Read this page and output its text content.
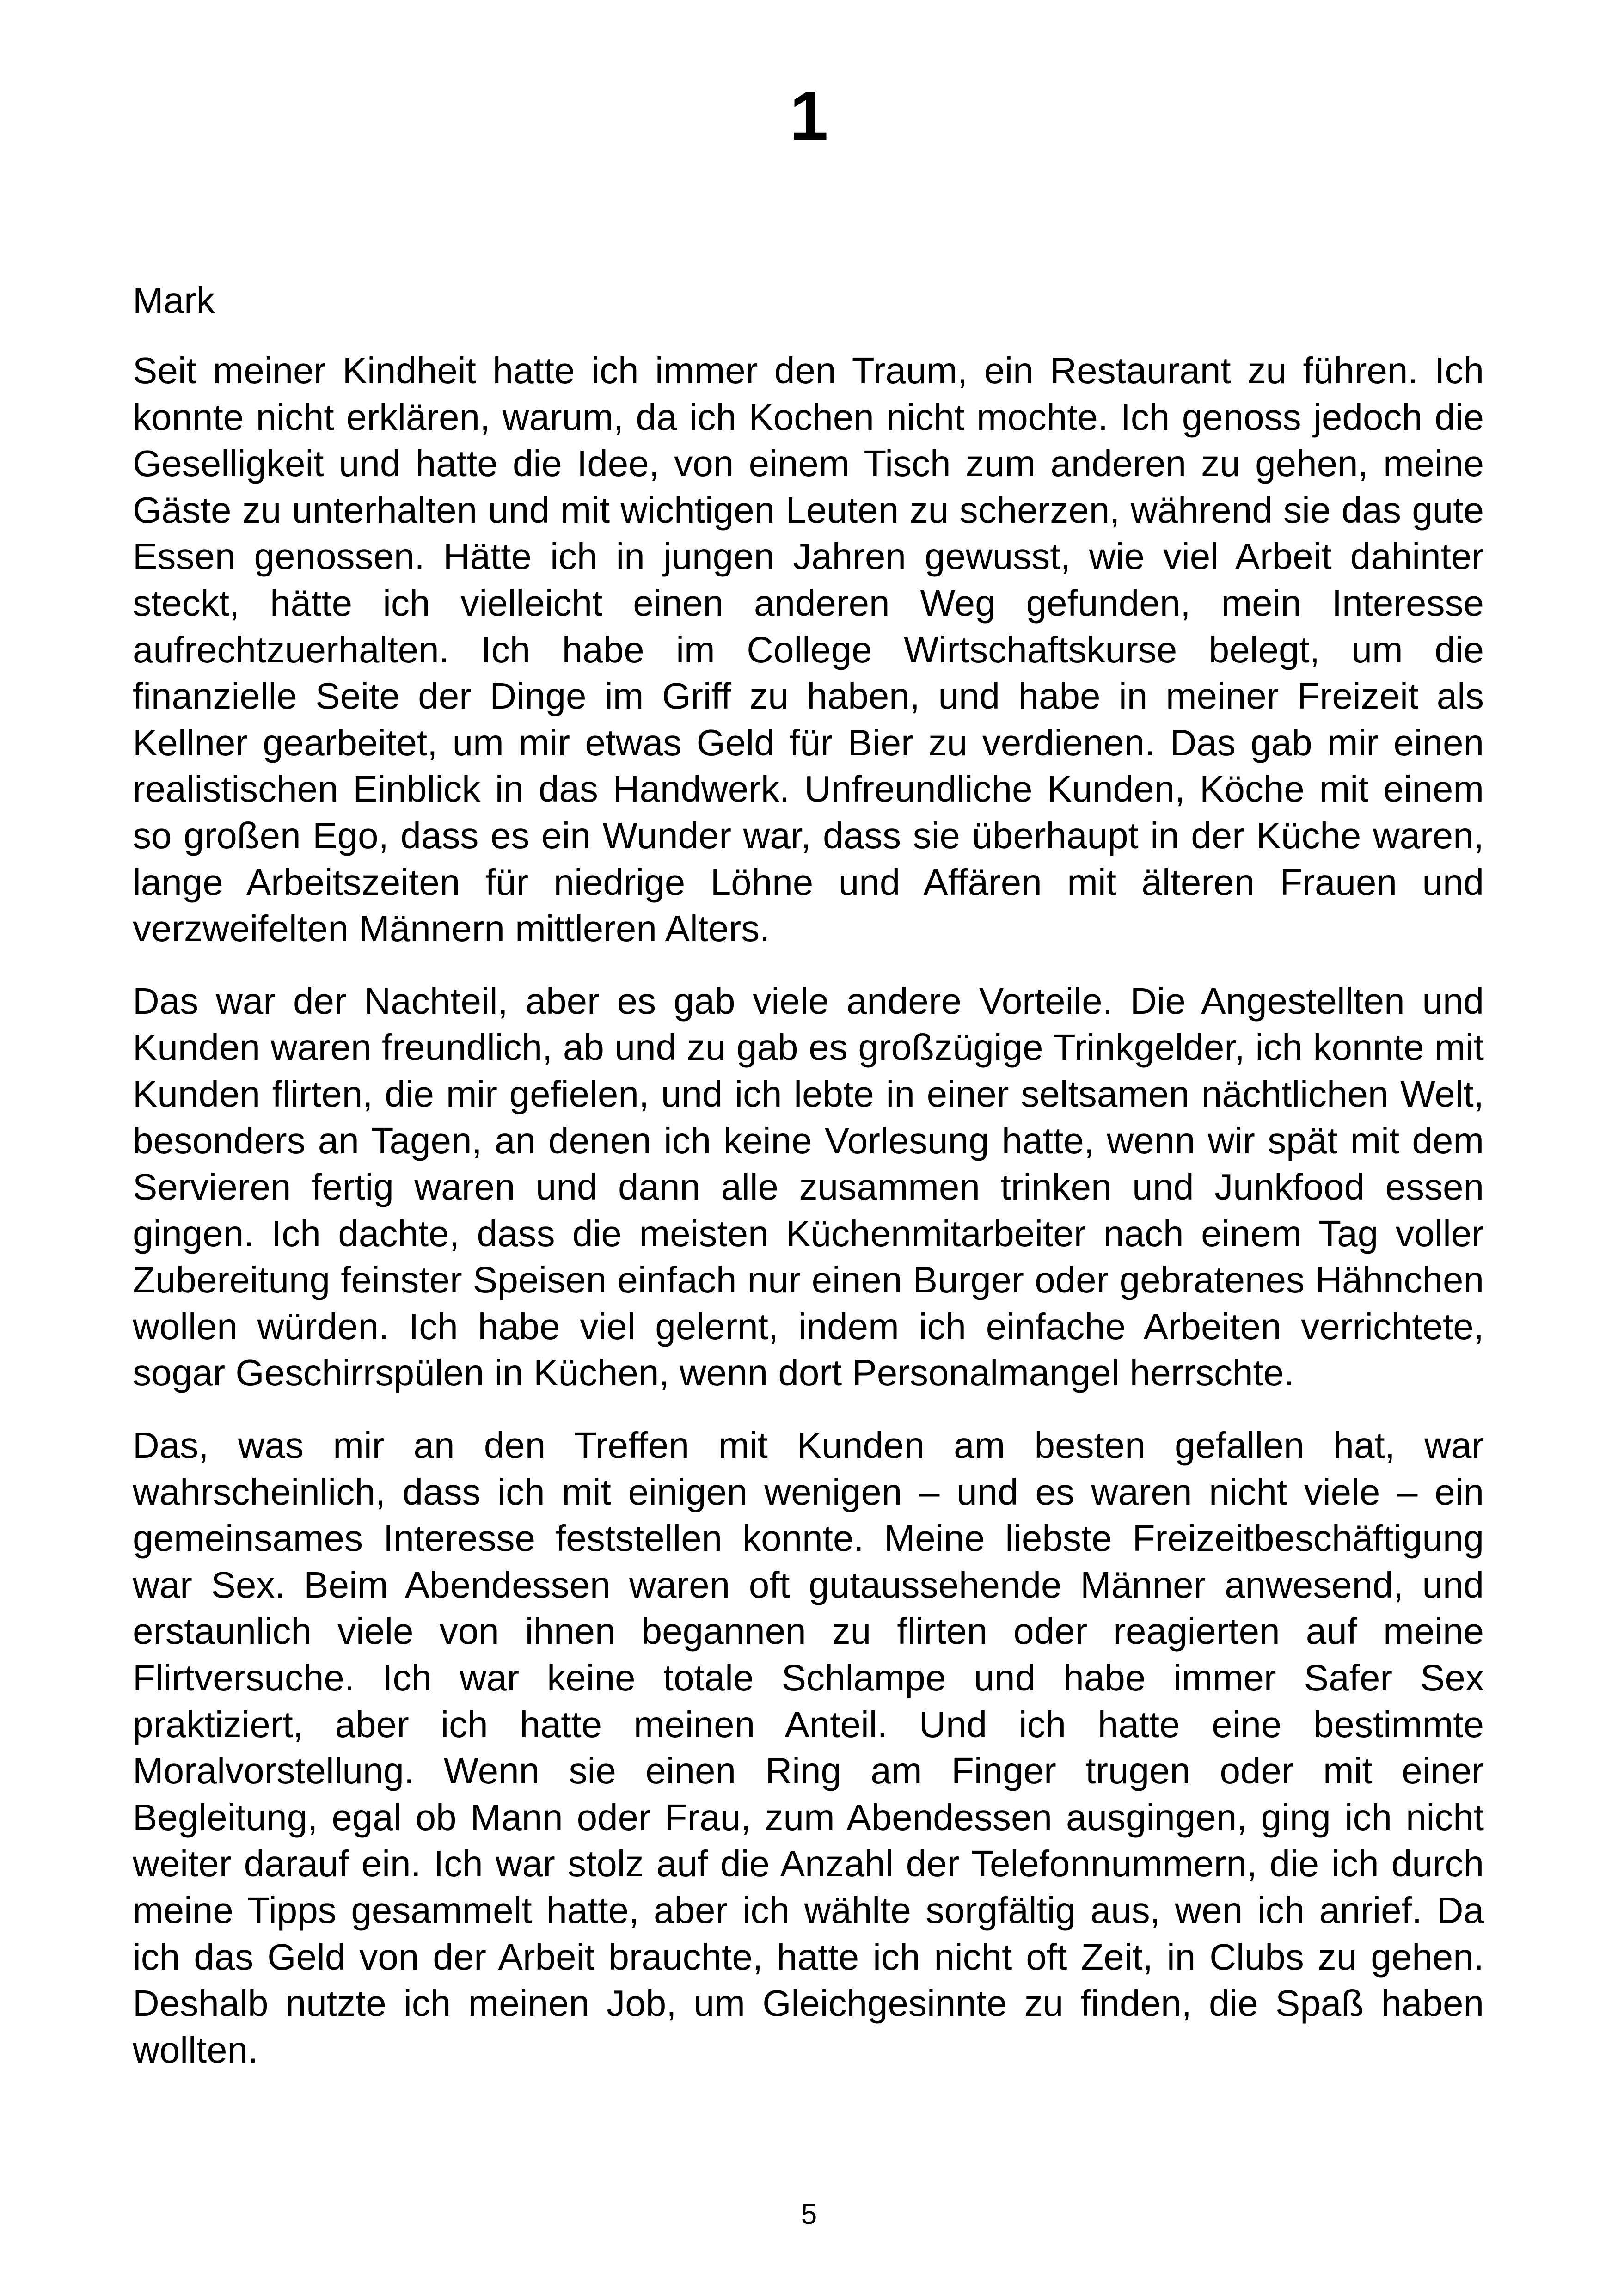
1

Mark

Seit meiner Kindheit hatte ich immer den Traum, ein Restaurant zu führen. Ich konnte nicht erklären, warum, da ich Kochen nicht mochte. Ich genoss jedoch die Geselligkeit und hatte die Idee, von einem Tisch zum anderen zu gehen, meine Gäste zu unterhalten und mit wichtigen Leuten zu scherzen, während sie das gute Essen genossen. Hätte ich in jungen Jahren gewusst, wie viel Arbeit dahinter steckt, hätte ich vielleicht einen anderen Weg gefunden, mein Interesse aufrechtzuerhalten. Ich habe im College Wirtschaftskurse belegt, um die finanzielle Seite der Dinge im Griff zu haben, und habe in meiner Freizeit als Kellner gearbeitet, um mir etwas Geld für Bier zu verdienen. Das gab mir einen realistischen Einblick in das Handwerk. Unfreundliche Kunden, Köche mit einem so großen Ego, dass es ein Wunder war, dass sie überhaupt in der Küche waren, lange Arbeitszeiten für niedrige Löhne und Affären mit älteren Frauen und verzweifelten Männern mittleren Alters.

Das war der Nachteil, aber es gab viele andere Vorteile. Die Angestellten und Kunden waren freundlich, ab und zu gab es großzügige Trinkgelder, ich konnte mit Kunden flirten, die mir gefielen, und ich lebte in einer seltsamen nächtlichen Welt, besonders an Tagen, an denen ich keine Vorlesung hatte, wenn wir spät mit dem Servieren fertig waren und dann alle zusammen trinken und Junkfood essen gingen. Ich dachte, dass die meisten Küchenmitarbeiter nach einem Tag voller Zubereitung feinster Speisen einfach nur einen Burger oder gebratenes Hähnchen wollen würden. Ich habe viel gelernt, indem ich einfache Arbeiten verrichtete, sogar Geschirrspülen in Küchen, wenn dort Personalmangel herrschte.

Das, was mir an den Treffen mit Kunden am besten gefallen hat, war wahrscheinlich, dass ich mit einigen wenigen – und es waren nicht viele – ein gemeinsames Interesse feststellen konnte. Meine liebste Freizeitbeschäftigung war Sex. Beim Abendessen waren oft gutaussehende Männer anwesend, und erstaunlich viele von ihnen begannen zu flirten oder reagierten auf meine Flirtversuche. Ich war keine totale Schlampe und habe immer Safer Sex praktiziert, aber ich hatte meinen Anteil. Und ich hatte eine bestimmte Moralvorstellung. Wenn sie einen Ring am Finger trugen oder mit einer Begleitung, egal ob Mann oder Frau, zum Abendessen ausgingen, ging ich nicht weiter darauf ein. Ich war stolz auf die Anzahl der Telefonnummern, die ich durch meine Tipps gesammelt hatte, aber ich wählte sorgfältig aus, wen ich anrief. Da ich das Geld von der Arbeit brauchte, hatte ich nicht oft Zeit, in Clubs zu gehen. Deshalb nutzte ich meinen Job, um Gleichgesinnte zu finden, die Spaß haben wollten.

5
